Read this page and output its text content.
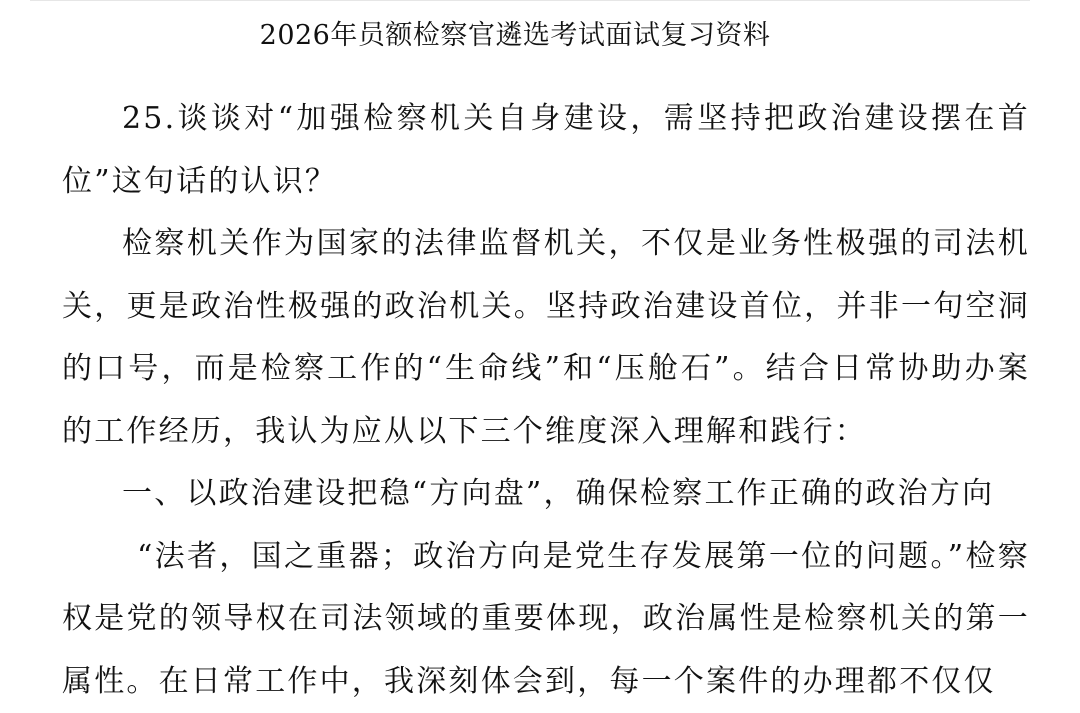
2026年员额检察官遴选考试面试复习资料

25.谈谈对“加强检察机关自身建设，需坚持把政治建设摆在首位”这句话的认识？

检察机关作为国家的法律监督机关，不仅是业务性极强的司法机关，更是政治性极强的政治机关。坚持政治建设首位，并非一句空洞的口号，而是检察工作的“生命线”和“压舱石”。结合日常协助办案的工作经历，我认为应从以下三个维度深入理解和践行：

一、以政治建设把稳“方向盘”，确保检察工作正确的政治方向

“法者，国之重器；政治方向是党生存发展第一位的问题。”检察权是党的领导权在司法领域的重要体现，政治属性是检察机关的第一属性。在日常工作中，我深刻体会到，每一个案件的办理都不仅仅
